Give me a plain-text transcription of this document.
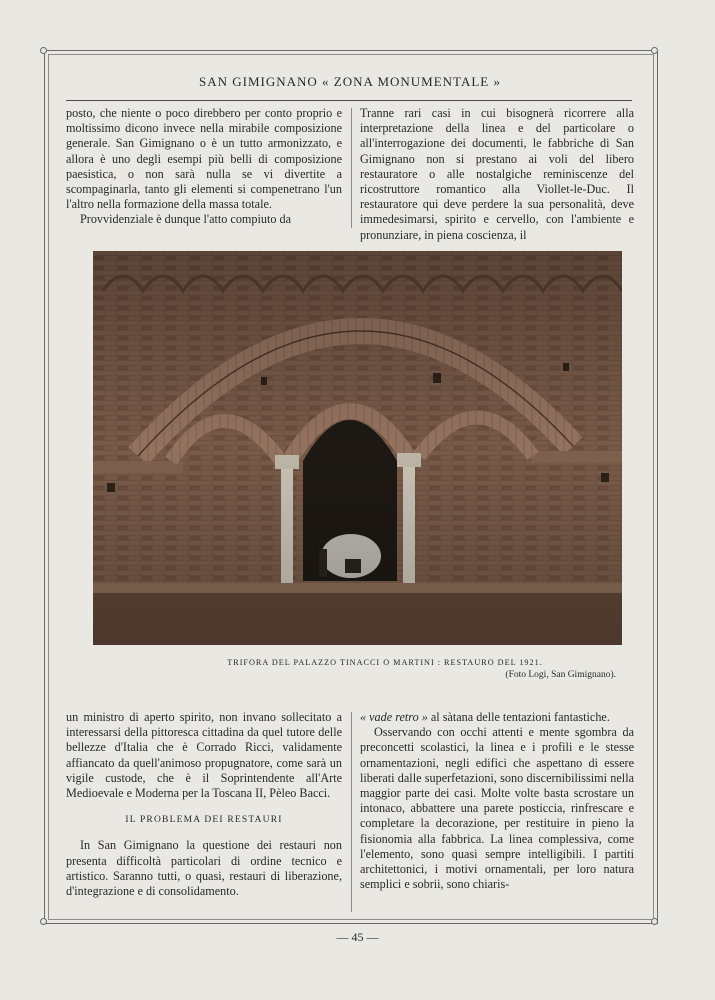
SAN GIMIGNANO « ZONA MONUMENTALE »

posto, che niente o poco direbbero per conto proprio e moltissimo dicono invece nella mirabile composizione generale. San Gimignano o è un tutto armonizzato, e allora è uno degli esempi più belli di composizione paesistica, o non sarà nulla se vi divertite a scompaginarla, tanto gli elementi si compenetrano l'un l'altro nella formazione della massa totale.

Provvidenziale è dunque l'atto compiuto da

Tranne rari casi in cui bisognerà ricorrere alla interpretazione della linea e del particolare o all'interrogazione dei documenti, le fabbriche di San Gimignano non si prestano ai voli del libero restauratore o alle nostalgiche reminiscenze del ricostruttore romantico alla Viollet-le-Duc. Il restauratore qui deve perdere la sua personalità, deve immedesimarsi, spirito e cervello, con l'ambiente e pronunziare, in piena coscienza, il

TRIFORA DEL PALAZZO TINACCI O MARTINI : RESTAURO DEL 1921.
(Foto Logi, San Gimignano).

un ministro di aperto spirito, non invano sollecitato a interessarsi della pittoresca cittadina da quel tutore delle bellezze d'Italia che è Corrado Ricci, validamente affiancato da quell'animoso propugnatore, come sarà un vigile custode, che è il Soprintendente all'Arte Medioevale e Moderna per la Toscana II, Pèleo Bacci.

IL PROBLEMA DEI RESTAURI

In San Gimignano la questione dei restauri non presenta difficoltà particolari di ordine tecnico e artistico. Saranno tutti, o quasi, restauri di liberazione, d'integrazione e di consolidamento.

« vade retro » al sàtana delle tentazioni fantastiche.

Osservando con occhi attenti e mente sgombra da preconcetti scolastici, la linea e i profili e le stesse ornamentazioni, negli edifici che aspettano di essere liberati dalle superfetazioni, sono discernibilissimi nella maggior parte dei casi. Molte volte basta scrostare un intonaco, abbattere una parete posticcia, rinfrescare e completare la decorazione, per restituire in pieno la fisionomia alla fabbrica. La linea complessiva, come l'elemento, sono quasi sempre intelligibili. I partiti architettonici, i motivi ornamentali, per loro natura semplici e sobrii, sono chiaris-

— 45 —
